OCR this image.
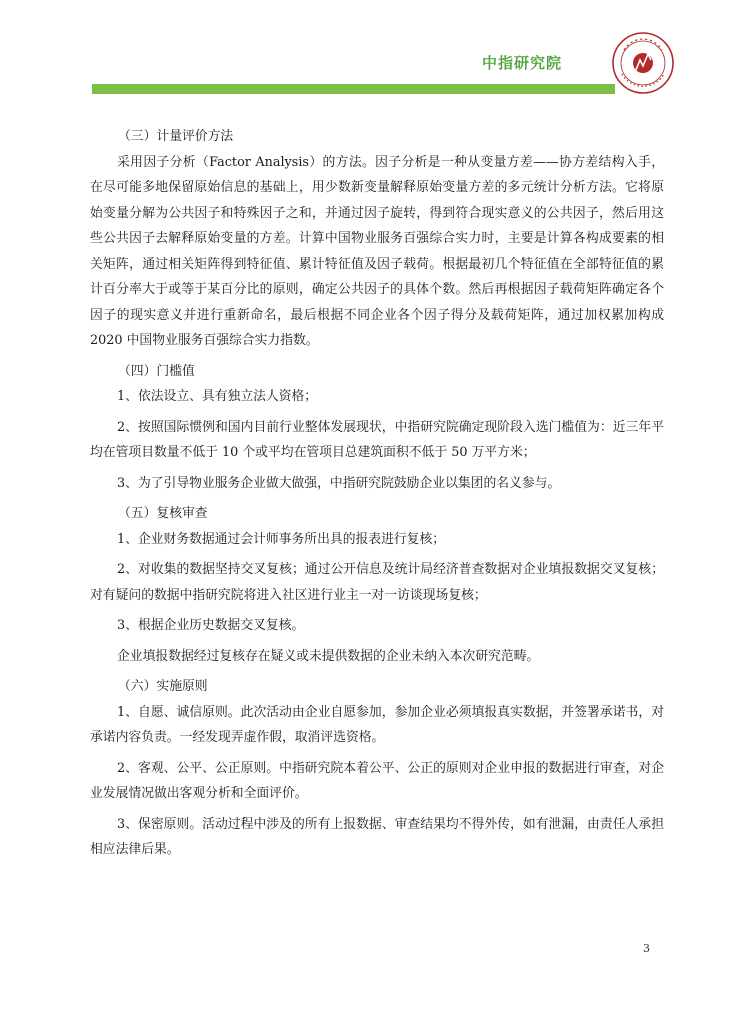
中指研究院

（三）计量评价方法

采用因子分析（Factor Analysis）的方法。因子分析是一种从变量方差——协方差结构入手，在尽可能多地保留原始信息的基础上，用少数新变量解释原始变量方差的多元统计分析方法。它将原始变量分解为公共因子和特殊因子之和，并通过因子旋转，得到符合现实意义的公共因子，然后用这些公共因子去解释原始变量的方差。计算中国物业服务百强综合实力时，主要是计算各构成要素的相关矩阵，通过相关矩阵得到特征值、累计特征值及因子载荷。根据最初几个特征值在全部特征值的累计百分率大于或等于某百分比的原则，确定公共因子的具体个数。然后再根据因子载荷矩阵确定各个因子的现实意义并进行重新命名，最后根据不同企业各个因子得分及载荷矩阵，通过加权累加构成 2020 中国物业服务百强综合实力指数。

（四）门槛值

1、依法设立、具有独立法人资格；

2、按照国际惯例和国内目前行业整体发展现状，中指研究院确定现阶段入选门槛值为：近三年平均在管项目数量不低于 10 个或平均在管项目总建筑面积不低于 50 万平方米；

3、为了引导物业服务企业做大做强，中指研究院鼓励企业以集团的名义参与。

（五）复核审查

1、企业财务数据通过会计师事务所出具的报表进行复核；

2、对收集的数据坚持交叉复核；通过公开信息及统计局经济普查数据对企业填报数据交叉复核；对有疑问的数据中指研究院将进入社区进行业主一对一访谈现场复核；

3、根据企业历史数据交叉复核。

企业填报数据经过复核存在疑义或未提供数据的企业未纳入本次研究范畴。

（六）实施原则

1、自愿、诚信原则。此次活动由企业自愿参加，参加企业必须填报真实数据，并签署承诺书，对承诺内容负责。一经发现弄虚作假，取消评选资格。

2、客观、公平、公正原则。中指研究院本着公平、公正的原则对企业申报的数据进行审查，对企业发展情况做出客观分析和全面评价。

3、保密原则。活动过程中涉及的所有上报数据、审查结果均不得外传，如有泄漏，由责任人承担相应法律后果。

3
